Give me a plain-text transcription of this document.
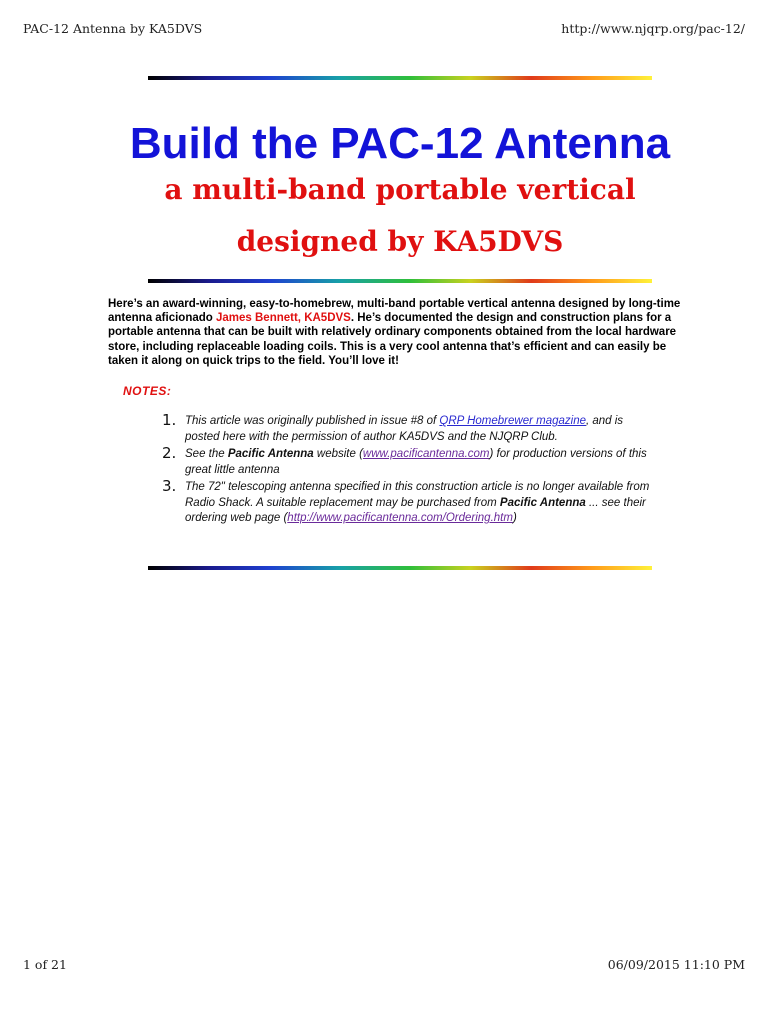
PAC-12 Antenna by KA5DVS	http://www.njqrp.org/pac-12/
Build the PAC-12 Antenna
a multi-band portable vertical
designed by KA5DVS

Here’s an award-winning, easy-to-homebrew, multi-band portable vertical antenna designed by long-time antenna aficionado James Bennett, KA5DVS. He’s documented the design and construction plans for a portable antenna that can be built with relatively ordinary components obtained from the local hardware store, including replaceable loading coils. This is a very cool antenna that’s efficient and can easily be taken it along on quick trips to the field. You’ll love it!

NOTES:
1. This article was originally published in issue #8 of QRP Homebrewer magazine, and is posted here with the permission of author KA5DVS and the NJQRP Club.
2. See the Pacific Antenna website (www.pacificantenna.com) for production versions of this great little antenna
3. The 72" telescoping antenna specified in this construction article is no longer available from Radio Shack. A suitable replacement may be purchased from Pacific Antenna ... see their ordering web page (http://www.pacificantenna.com/Ordering.htm)
1 of 21	06/09/2015 11:10 PM
